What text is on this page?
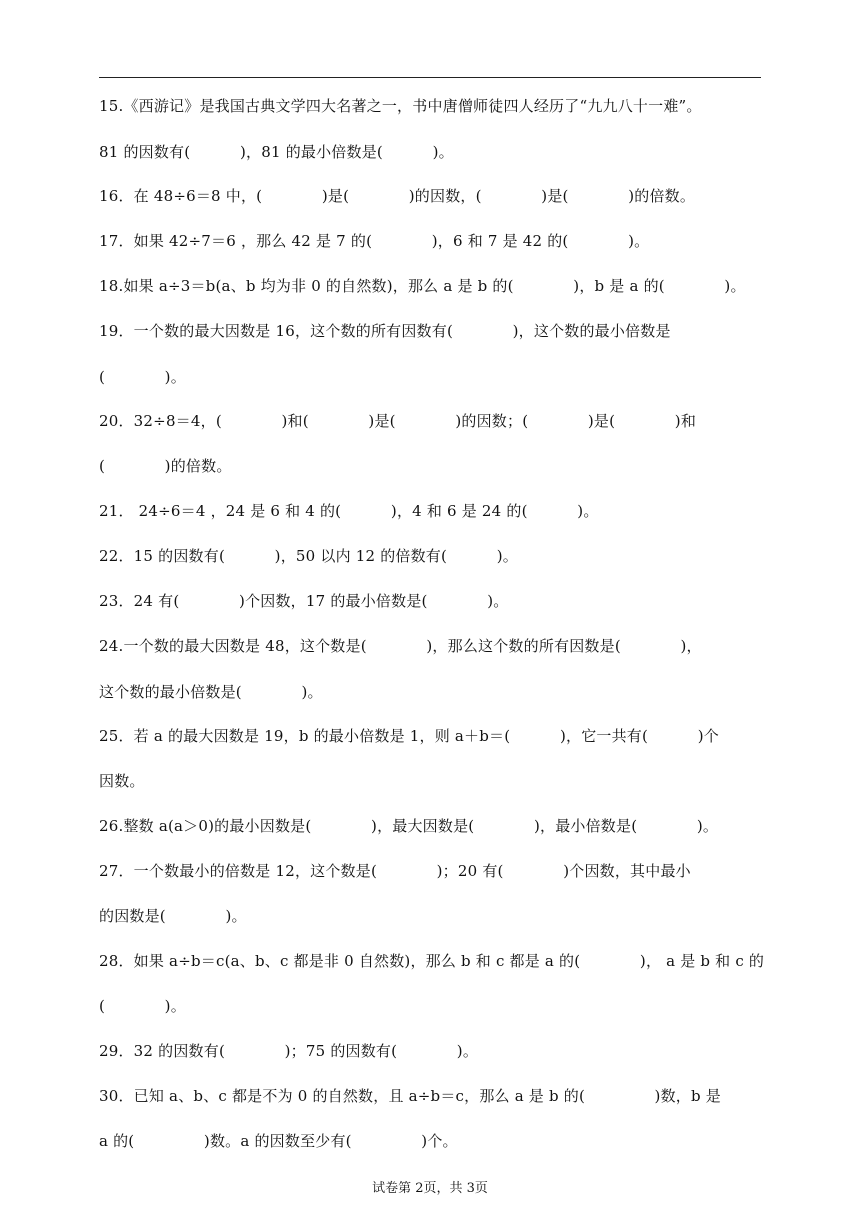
15.《西游记》是我国古典文学四大名著之一，书中唐僧师徒四人经历了“九九八十一难”。
81 的因数有(          )，81 的最小倍数是(          )。
16．在 48÷6＝8 中，(            )是(            )的因数，(            )是(            )的倍数。
17．如果 42÷7＝6 ，那么 42 是 7 的(            )，6 和 7 是 42 的(            )。
18.如果 a÷3＝b(a、b 均为非 0 的自然数)，那么 a 是 b 的(            )，b 是 a 的(            )。
19．一个数的最大因数是 16，这个数的所有因数有(            )，这个数的最小倍数是
(            )。
20．32÷8＝4，(            )和(            )是(            )的因数；(            )是(            )和
(            )的倍数。
21． 24÷6＝4 ，24 是 6 和 4 的(          )，4 和 6 是 24 的(          )。
22．15 的因数有(          )，50 以内 12 的倍数有(          )。
23．24 有(            )个因数，17 的最小倍数是(            )。
24.一个数的最大因数是 48，这个数是(            )，那么这个数的所有因数是(            )，
这个数的最小倍数是(            )。
25．若 a 的最大因数是 19，b 的最小倍数是 1，则 a＋b＝(          )，它一共有(          )个
因数。
26.整数 a(a＞0)的最小因数是(            )，最大因数是(            )，最小倍数是(            )。
27．一个数最小的倍数是 12，这个数是(            )；20 有(            )个因数，其中最小
的因数是(            )。
28．如果 a÷b＝c(a、b、c 都是非 0 自然数)，那么 b 和 c 都是 a 的(            )， a 是 b 和 c 的
(            )。
29．32 的因数有(            )；75 的因数有(            )。
30．已知 a、b、c 都是不为 0 的自然数，且 a÷b＝c，那么 a 是 b 的(              )数，b 是
a 的(              )数。a 的因数至少有(              )个。
试卷第 2页，共 3页
